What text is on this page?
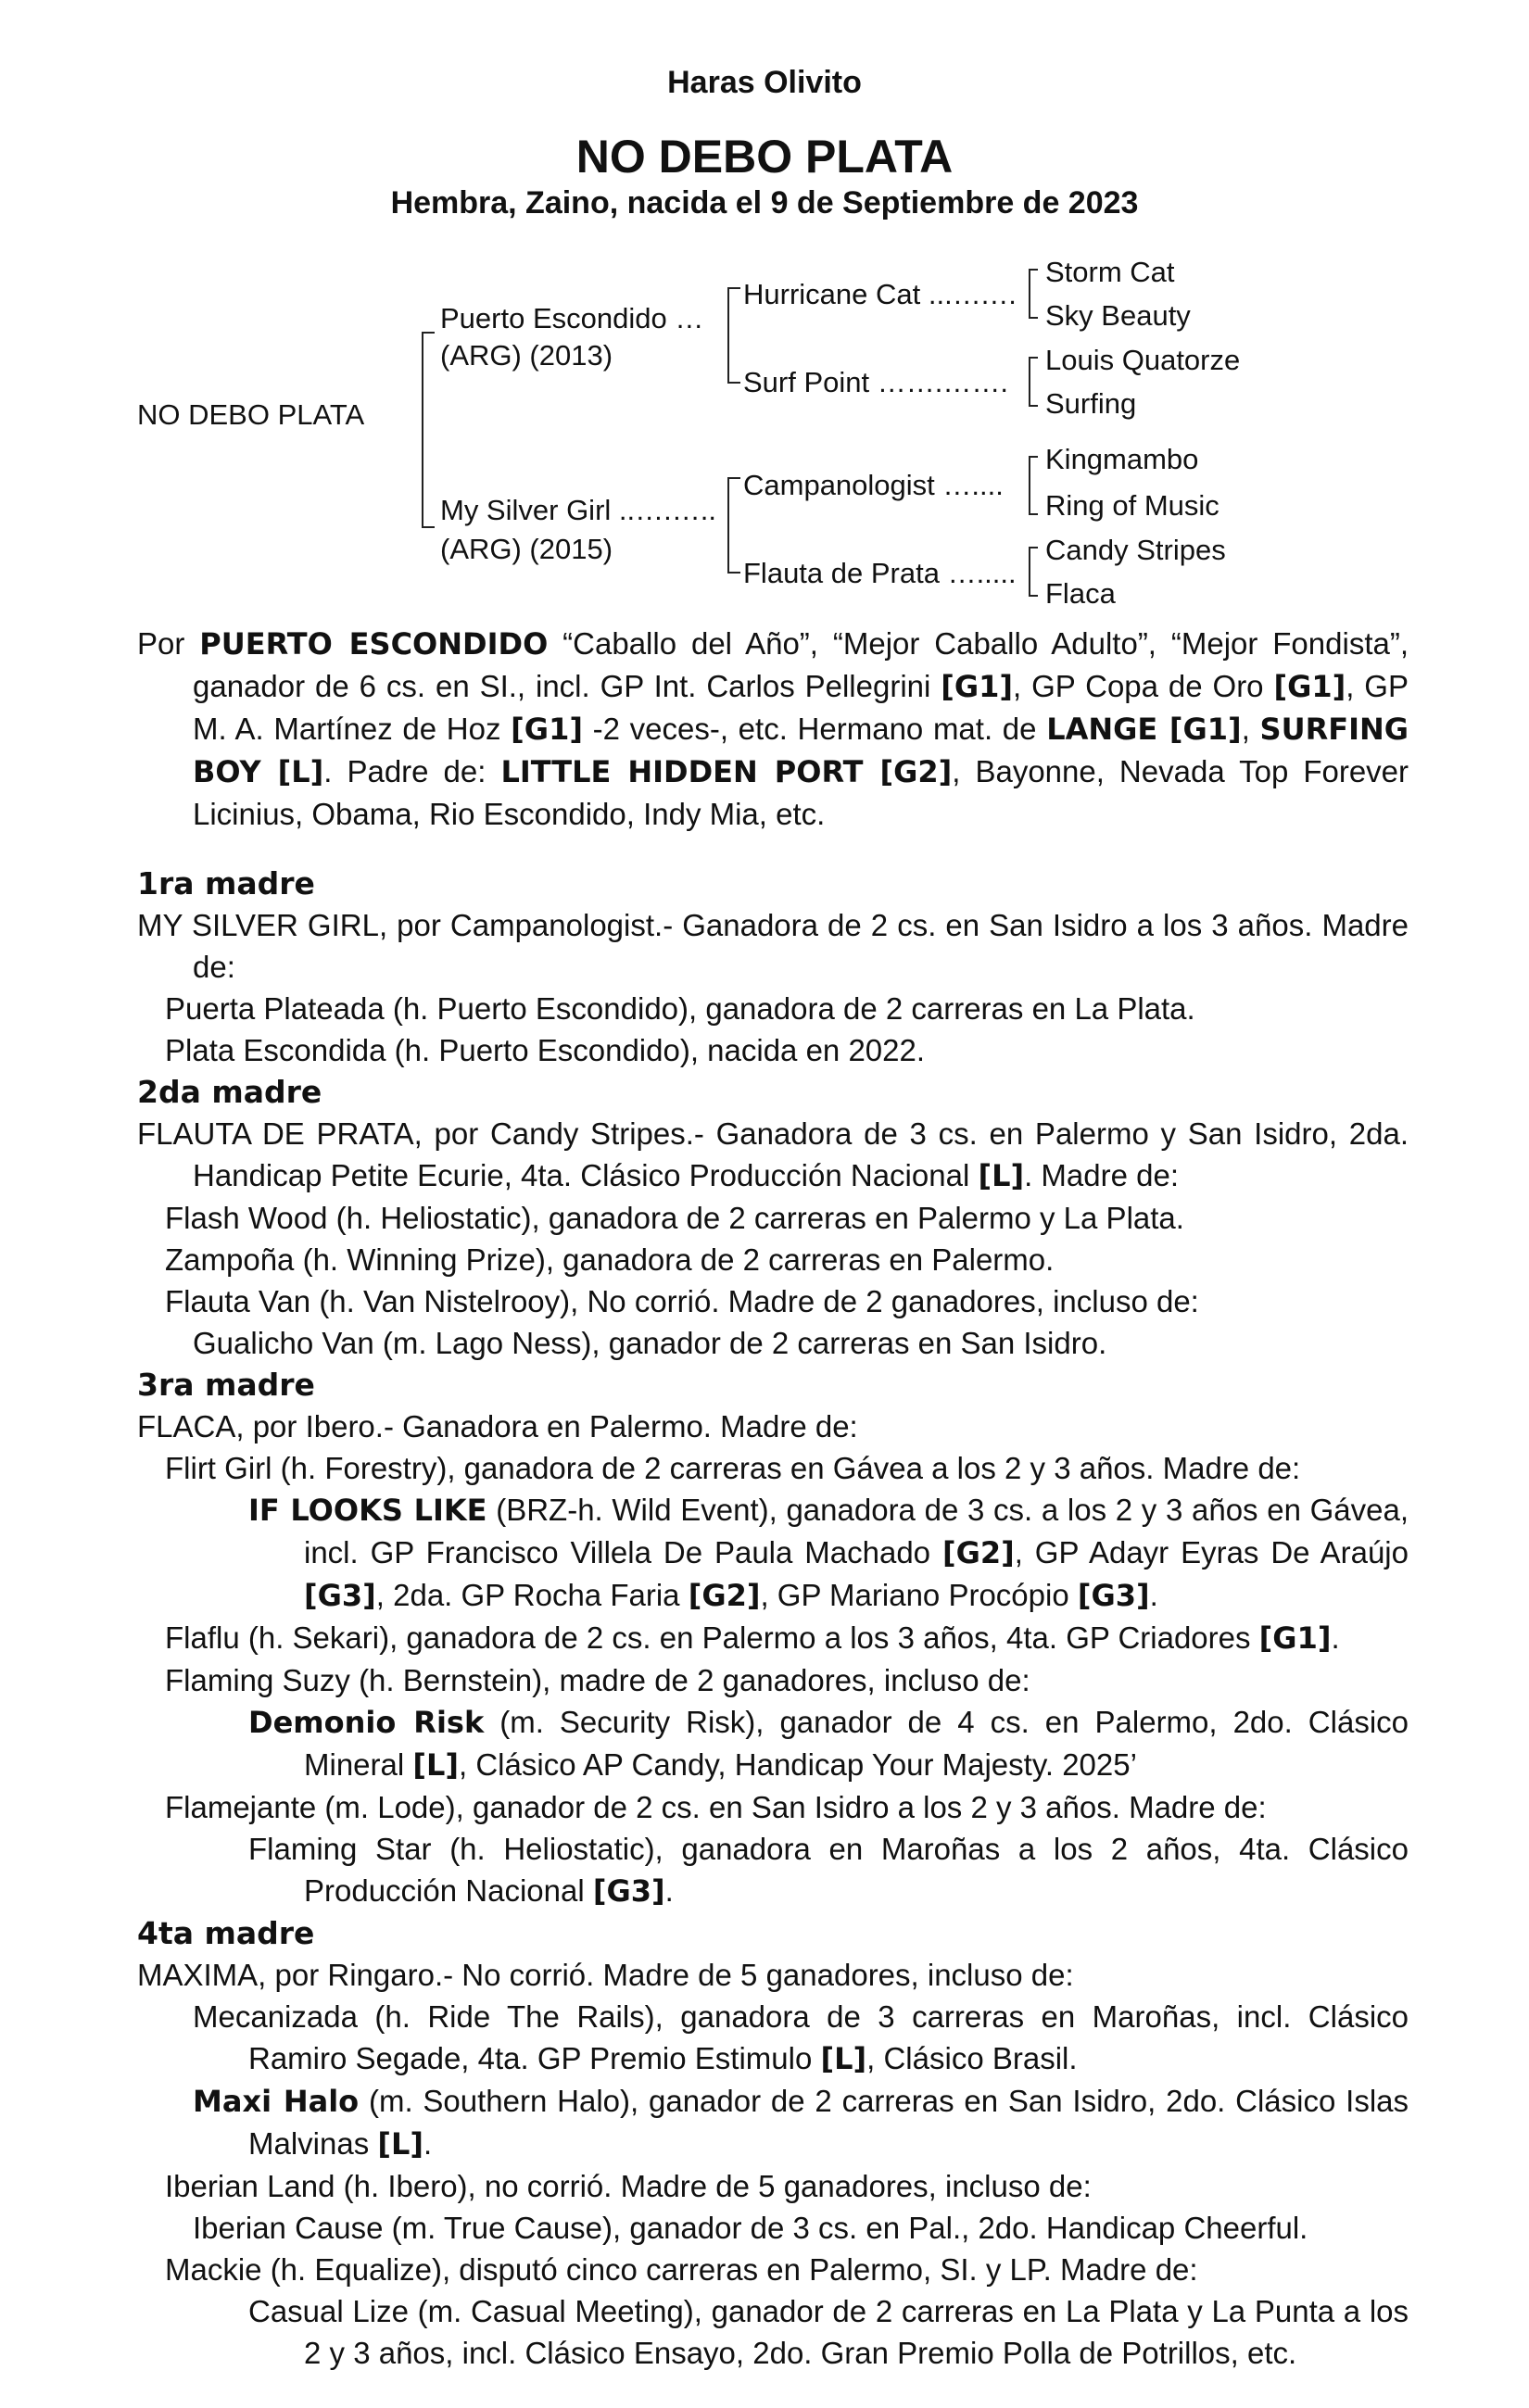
Haras Olivito
NO DEBO PLATA
Hembra, Zaino, nacida el 9 de Septiembre de 2023
NO DEBO PLATA
Puerto Escondido …
(ARG) (2013)
My Silver Girl ..….…..
(ARG) (2015)
Hurricane Cat ...….…
Surf Point …….…….
Campanologist …....
Flauta de Prata ….....
Storm Cat
Sky Beauty
Louis Quatorze
Surfing
Kingmambo
Ring of Music
Candy Stripes
Flaca

Por PUERTO ESCONDIDO “Caballo del Año”, “Mejor Caballo Adulto”, “Mejor Fondista”, ganador de 6 cs. en SI., incl. GP Int. Carlos Pellegrini [G1], GP Copa de Oro [G1], GP M. A. Martínez de Hoz [G1] -2 veces-, etc. Hermano mat. de LANGE [G1], SURFING BOY [L]. Padre de: LITTLE HIDDEN PORT [G2], Bayonne, Nevada Top Forever Licinius, Obama, Rio Escondido, Indy Mia, etc.

1ra madre

MY SILVER GIRL, por Campanologist.- Ganadora de 2 cs. en San Isidro a los 3 años. Madre de:

Puerta Plateada (h. Puerto Escondido), ganadora de 2 carreras en La Plata.

Plata Escondida (h. Puerto Escondido), nacida en 2022.

2da madre

FLAUTA DE PRATA, por Candy Stripes.- Ganadora de 3 cs. en Palermo y San Isidro, 2da. Handicap Petite Ecurie, 4ta. Clásico Producción Nacional [L]. Madre de:

Flash Wood (h. Heliostatic), ganadora de 2 carreras en Palermo y La Plata.

Zampoña (h. Winning Prize), ganadora de 2 carreras en Palermo.

Flauta Van (h. Van Nistelrooy), No corrió. Madre de 2 ganadores, incluso de:

Gualicho Van (m. Lago Ness), ganador de 2 carreras en San Isidro.

3ra madre

FLACA, por Ibero.- Ganadora en Palermo. Madre de:

Flirt Girl (h. Forestry), ganadora de 2 carreras en Gávea a los 2 y 3 años. Madre de:

IF LOOKS LIKE (BRZ-h. Wild Event), ganadora de 3 cs. a los 2 y 3 años en Gávea, incl. GP Francisco Villela De Paula Machado [G2], GP Adayr Eyras De Araújo [G3], 2da. GP Rocha Faria [G2], GP Mariano Procópio [G3].

Flaflu (h. Sekari), ganadora de 2 cs. en Palermo a los 3 años, 4ta. GP Criadores [G1].

Flaming Suzy (h. Bernstein), madre de 2 ganadores, incluso de:

Demonio Risk (m. Security Risk), ganador de 4 cs. en Palermo, 2do. Clásico Mineral [L], Clásico AP Candy, Handicap Your Majesty. 2025’

Flamejante (m. Lode), ganador de 2 cs. en San Isidro a los 2 y 3 años. Madre de:

Flaming Star (h. Heliostatic), ganadora en Maroñas a los 2 años, 4ta. Clásico Producción Nacional [G3].

4ta madre

MAXIMA, por Ringaro.- No corrió. Madre de 5 ganadores, incluso de:

Mecanizada (h. Ride The Rails), ganadora de 3 carreras en Maroñas, incl. Clásico Ramiro Segade, 4ta. GP Premio Estimulo [L], Clásico Brasil.

Maxi Halo (m. Southern Halo), ganador de 2 carreras en San Isidro, 2do. Clásico Islas Malvinas [L].

Iberian Land (h. Ibero), no corrió. Madre de 5 ganadores, incluso de:

Iberian Cause (m. True Cause), ganador de 3 cs. en Pal., 2do. Handicap Cheerful.

Mackie (h. Equalize), disputó cinco carreras en Palermo, SI. y LP. Madre de:

Casual Lize (m. Casual Meeting), ganador de 2 carreras en La Plata y La Punta a los 2 y 3 años, incl. Clásico Ensayo, 2do. Gran Premio Polla de Potrillos, etc.
